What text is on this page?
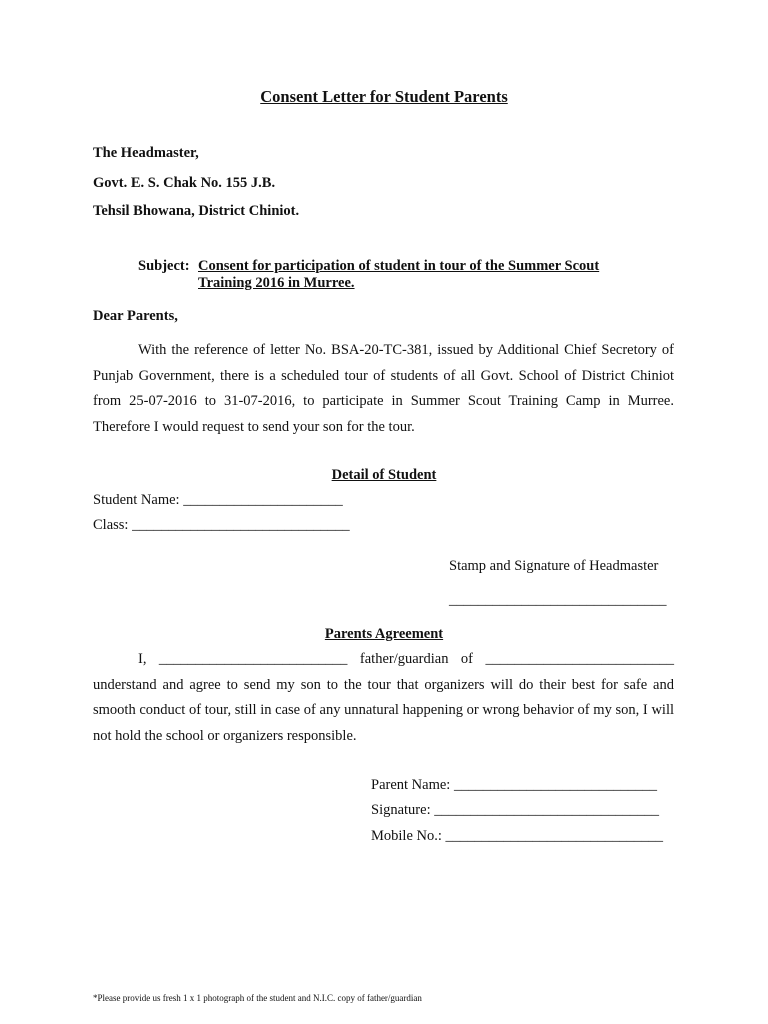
Consent Letter for Student Parents
The Headmaster,
Govt. E. S. Chak No. 155 J.B.
Tehsil Bhowana, District Chiniot.
Subject: Consent for participation of student in tour of the Summer Scout Training 2016 in Murree.
Dear Parents,
With the reference of letter No. BSA-20-TC-381, issued by Additional Chief Secretory of Punjab Government, there is a scheduled tour of students of all Govt. School of District Chiniot from 25-07-2016 to 31-07-2016, to participate in Summer Scout Training Camp in Murree. Therefore I would request to send your son for the tour.
Detail of Student
Student Name: ______________________
Class: ______________________________
Stamp and Signature of Headmaster
______________________________
Parents Agreement
I, __________________________ father/guardian of __________________________ understand and agree to send my son to the tour that organizers will do their best for safe and smooth conduct of tour, still in case of any unnatural happening or wrong behavior of my son, I will not hold the school or organizers responsible.
Parent Name: ____________________________
Signature: _______________________________
Mobile No.: ______________________________
*Please provide us fresh 1 x 1 photograph of the student and N.I.C. copy of father/guardian
